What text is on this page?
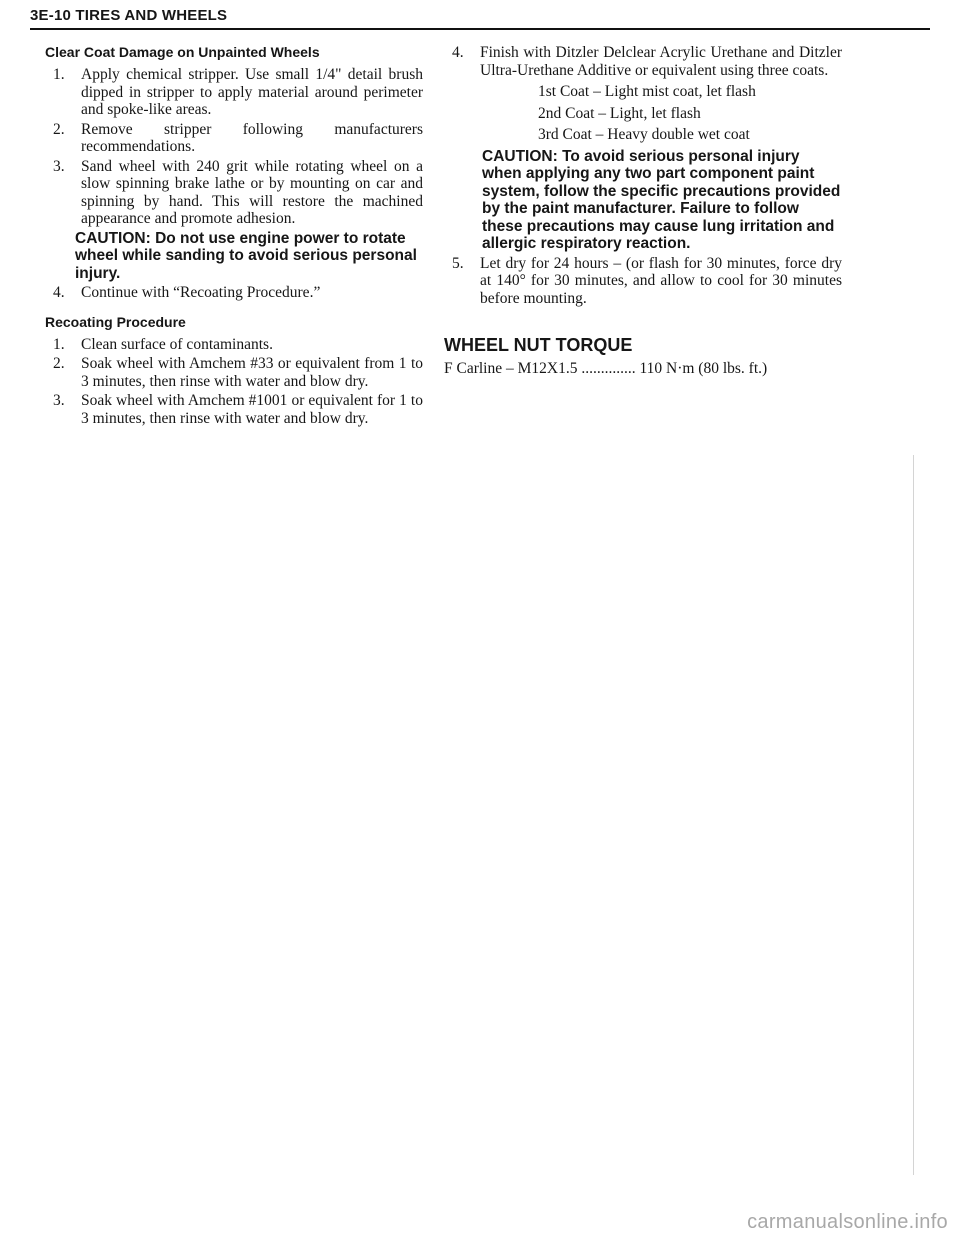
3E-10 TIRES AND WHEELS
Clear Coat Damage on Unpainted Wheels
1. Apply chemical stripper. Use small 1/4" detail brush dipped in stripper to apply material around perimeter and spoke-like areas.
2. Remove stripper following manufacturers recommendations.
3. Sand wheel with 240 grit while rotating wheel on a slow spinning brake lathe or by mounting on car and spinning by hand. This will restore the machined appearance and promote adhesion.
CAUTION: Do not use engine power to rotate wheel while sanding to avoid serious personal injury.
4. Continue with “Recoating Procedure.”
Recoating Procedure
1. Clean surface of contaminants.
2. Soak wheel with Amchem #33 or equivalent from 1 to 3 minutes, then rinse with water and blow dry.
3. Soak wheel with Amchem #1001 or equivalent for 1 to 3 minutes, then rinse with water and blow dry.
4. Finish with Ditzler Delclear Acrylic Urethane and Ditzler Ultra-Urethane Additive or equivalent using three coats.
1st Coat – Light mist coat, let flash
2nd Coat – Light, let flash
3rd Coat – Heavy double wet coat
CAUTION: To avoid serious personal injury when applying any two part component paint system, follow the specific precautions provided by the paint manufacturer. Failure to follow these precautions may cause lung irritation and allergic respiratory reaction.
5. Let dry for 24 hours – (or flash for 30 minutes, force dry at 140° for 30 minutes, and allow to cool for 30 minutes before mounting.
WHEEL NUT TORQUE
F Carline – M12X1.5 .............. 110 N·m (80 lbs. ft.)
carmanualsonline.info
